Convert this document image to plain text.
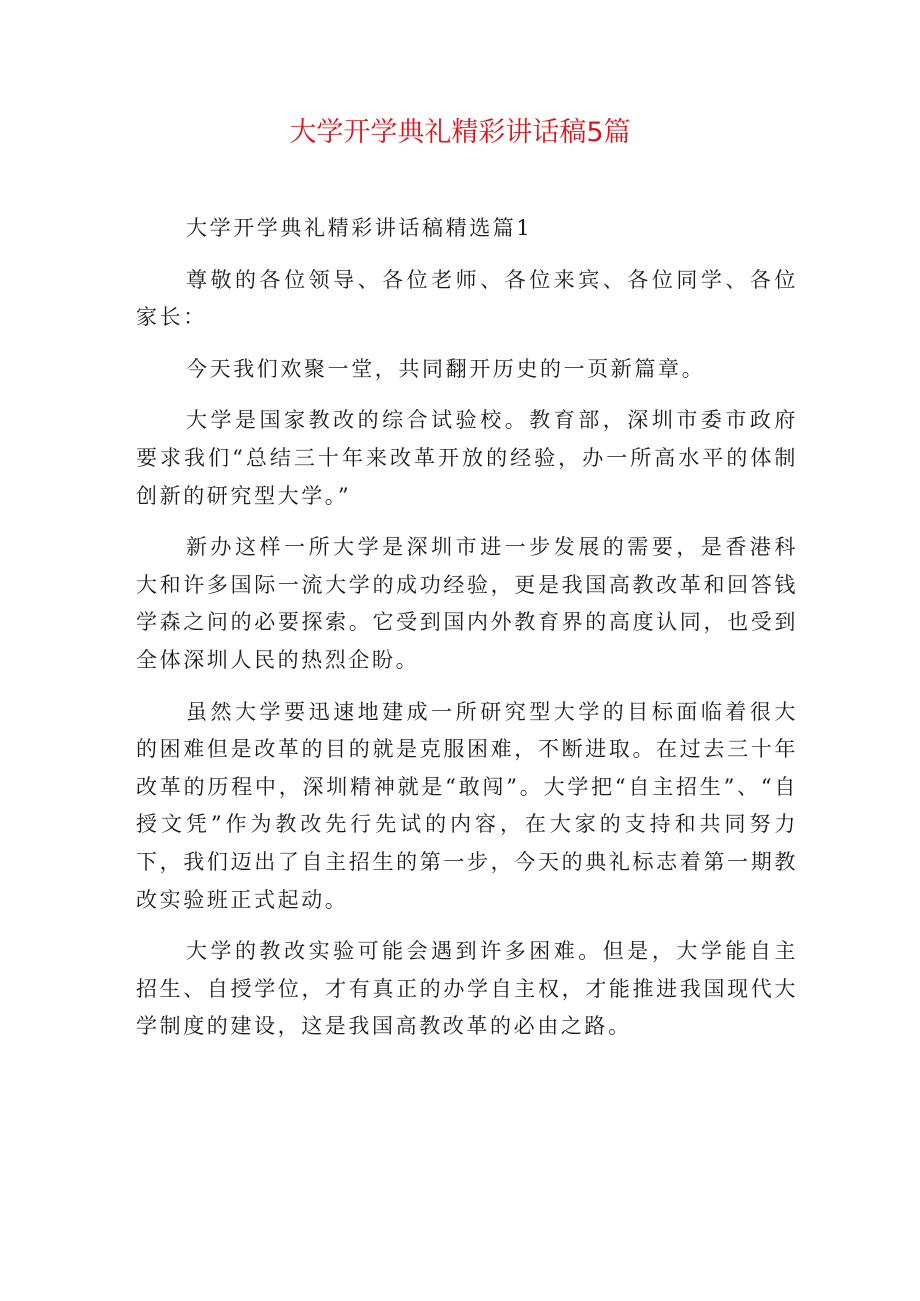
大学开学典礼精彩讲话稿5篇

大学开学典礼精彩讲话稿精选篇1

尊敬的各位领导、各位老师、各位来宾、各位同学、各位家长：

今天我们欢聚一堂，共同翻开历史的一页新篇章。

大学是国家教改的综合试验校。教育部，深圳市委市政府要求我们“总结三十年来改革开放的经验，办一所高水平的体制创新的研究型大学。”

新办这样一所大学是深圳市进一步发展的需要，是香港科大和许多国际一流大学的成功经验，更是我国高教改革和回答钱学森之问的必要探索。它受到国内外教育界的高度认同，也受到全体深圳人民的热烈企盼。

虽然大学要迅速地建成一所研究型大学的目标面临着很大的困难但是改革的目的就是克服困难，不断进取。在过去三十年改革的历程中，深圳精神就是“敢闯”。大学把“自主招生”、“自授文凭”作为教改先行先试的内容，在大家的支持和共同努力下，我们迈出了自主招生的第一步，今天的典礼标志着第一期教改实验班正式起动。

大学的教改实验可能会遇到许多困难。但是，大学能自主招生、自授学位，才有真正的办学自主权，才能推进我国现代大学制度的建设，这是我国高教改革的必由之路。
